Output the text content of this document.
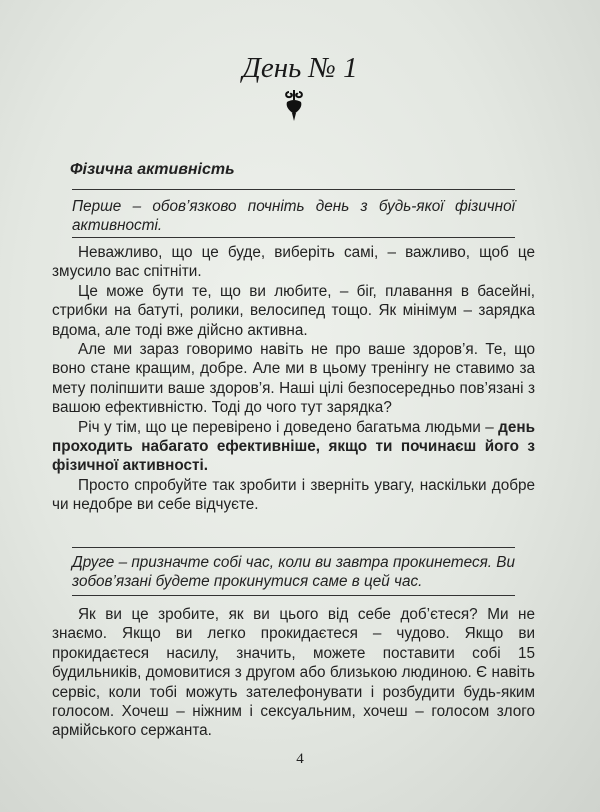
День № 1
Фізична активність
Перше – обов’язково почніть день з будь-якої фізичної активності.

Неважливо, що це буде, виберіть самі, – важливо, щоб це змусило вас спітніти.

Це може бути те, що ви любите, – біг, плавання в басейні, стрибки на батуті, ролики, велосипед тощо. Як мінімум – зарядка вдома, але тоді вже дійсно активна.

Але ми зараз говоримо навіть не про ваше здоров’я. Те, що воно стане кращим, добре. Але ми в цьому тренінгу не ставимо за мету поліпшити ваше здоров’я. Наші цілі безпосередньо пов’язані з вашою ефективністю. Тоді до чого тут зарядка?

Річ у тім, що це перевірено і доведено багатьма людьми – день проходить набагато ефективніше, якщо ти починаєш його з фізичної активності.

Просто спробуйте так зробити і зверніть увагу, наскільки добре чи недобре ви себе відчуєте.

Друге – призначте собі час, коли ви завтра прокинетеся. Ви зобов’язані будете прокинутися саме в цей час.

Як ви це зробите, як ви цього від себе доб’єтеся? Ми не знаємо. Якщо ви легко прокидаєтеся – чудово. Якщо ви прокидаєтеся насилу, значить, можете поставити собі 15 будильників, домовитися з другом або близькою людиною. Є навіть сервіс, коли тобі можуть зателефонувати і розбудити будь-яким голосом. Хочеш – ніжним і сексуальним, хочеш – голосом злого армійського сержанта.

4
